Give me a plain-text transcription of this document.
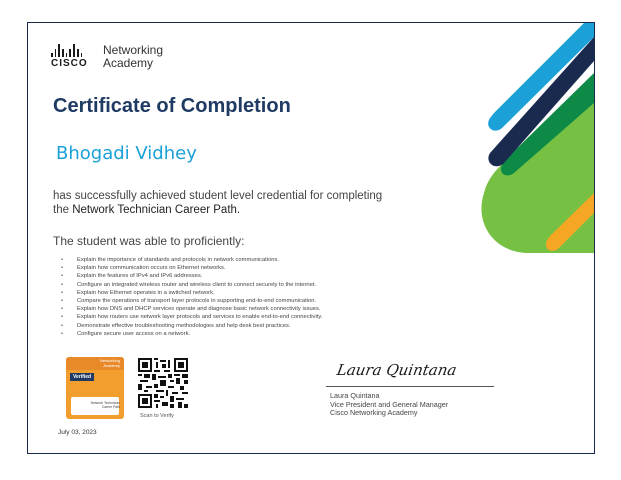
CISCO
Networking
Academy
Certificate of Completion
Bhogadi Vidhey
has successfully achieved student level credential for completing
the Network Technician Career Path.
The student was able to proficiently:
• Explain the importance of standards and protocols in network communications.
• Explain how communication occurs on Ethernet networks.
• Explain the features of IPv4 and IPv6 addresses.
• Configure an integrated wireless router and wireless client to connect securely to the internet.
• Explain how Ethernet operates in a switched network.
• Compare the operations of transport layer protocols in supporting end-to-end communication.
• Explain how DNS and DHCP services operate and diagnose basic network connectivity issues.
• Explain how routers use network layer protocols and services to enable end-to-end connectivity.
• Demonstrate effective troubleshooting methodologies and help desk best practices.
• Configure secure user access on a network.
Networking
Academy
Verified
Network Technician
Career Path
Scan to Verify
July 03, 2023
Laura Quintana
Laura Quintana
Vice President and General Manager
Cisco Networking Academy
